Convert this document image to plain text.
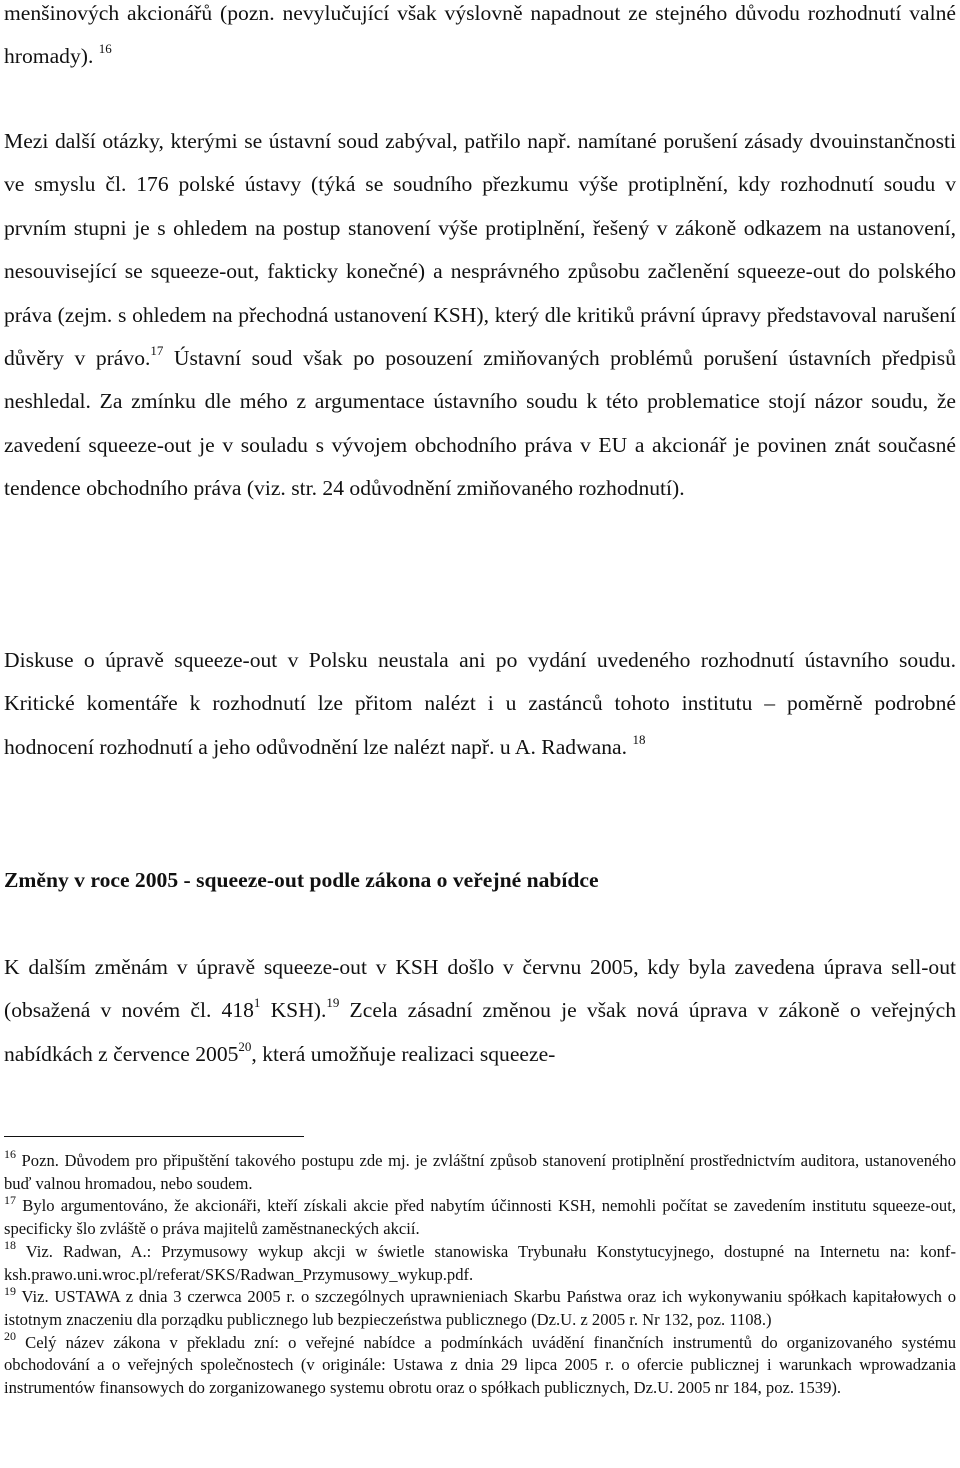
menšinových akcionářů (pozn. nevylučující však výslovně napadnout ze stejného důvodu rozhodnutí valné hromady). $^{16}$

Mezi další otázky, kterými se ústavní soud zabýval, patřilo např. namítané porušení zásady dvouinstančnosti ve smyslu čl. 176 polské ústavy (týká se soudního přezkumu výše protiplnění, kdy rozhodnutí soudu v prvním stupni je s ohledem na postup stanovení výše protiplnění, řešený v zákoně odkazem na ustanovení, nesouvisející se squeeze-out, fakticky konečné) a nesprávného způsobu začlenění squeeze-out do polského práva (zejm. s ohledem na přechodná ustanovení KSH), který dle kritiků právní úpravy představoval narušení důvěry v právo.$^{17}$ Ústavní soud však po posouzení zmiňovaných problémů porušení ústavních předpisů neshledal. Za zmínku dle mého z argumentace ústavního soudu k této problematice stojí názor soudu, že zavedení squeeze-out je v souladu s vývojem obchodního práva v EU a akcionář je povinen znát současné tendence obchodního práva (viz. str. 24 odůvodnění zmiňovaného rozhodnutí).

Diskuse o úpravě squeeze-out v Polsku neustala ani po vydání uvedeného rozhodnutí ústavního soudu. Kritické komentáře k rozhodnutí lze přitom nalézt i u zastánců tohoto institutu – poměrně podrobné hodnocení rozhodnutí a jeho odůvodnění lze nalézt např. u A. Radwana. $^{18}$

Změny v roce 2005 - squeeze-out podle zákona o veřejné nabídce

K dalším změnám v úpravě squeeze-out v KSH došlo v červnu 2005, kdy byla zavedena úprava sell-out (obsažená v novém čl. $418^1$ KSH).$^{19}$ Zcela zásadní změnou je však nová úprava v zákoně o veřejných nabídkách z července 2005$^{20}$, která umožňuje realizaci squeeze-

$^{16}$ Pozn. Důvodem pro připuštění takového postupu zde mj. je zvláštní způsob stanovení protiplnění prostřednictvím auditora, ustanoveného buď valnou hromadou, nebo soudem.

$^{17}$ Bylo argumentováno, že akcionáři, kteří získali akcie před nabytím účinnosti KSH, nemohli počítat se zavedením institutu squeeze-out, specificky šlo zvláště o práva majitelů zaměstnaneckých akcií.

$^{18}$ Viz. Radwan, A.: Przymusowy wykup akcji w świetle stanowiska Trybunału Konstytucyjnego, dostupné na Internetu na: konf-ksh.prawo.uni.wroc.pl/referat/SKS/Radwan_Przymusowy_wykup.pdf.

$^{19}$ Viz. USTAWA z dnia 3 czerwca 2005 r. o szczególnych uprawnieniach Skarbu Państwa oraz ich wykonywaniu spółkach kapitałowych o istotnym znaczeniu dla porządku publicznego lub bezpieczeństwa publicznego (Dz.U. z 2005 r. Nr 132, poz. 1108.)

$^{20}$ Celý název zákona v překladu zní: o veřejné nabídce a podmínkách uvádění finančních instrumentů do organizovaného systému obchodování a o veřejných společnostech (v originále: Ustawa z dnia 29 lipca 2005 r. o ofercie publicznej i warunkach wprowadzania instrumentów finansowych do zorganizowanego systemu obrotu oraz o spółkach publicznych, Dz.U. 2005 nr 184, poz. 1539).
